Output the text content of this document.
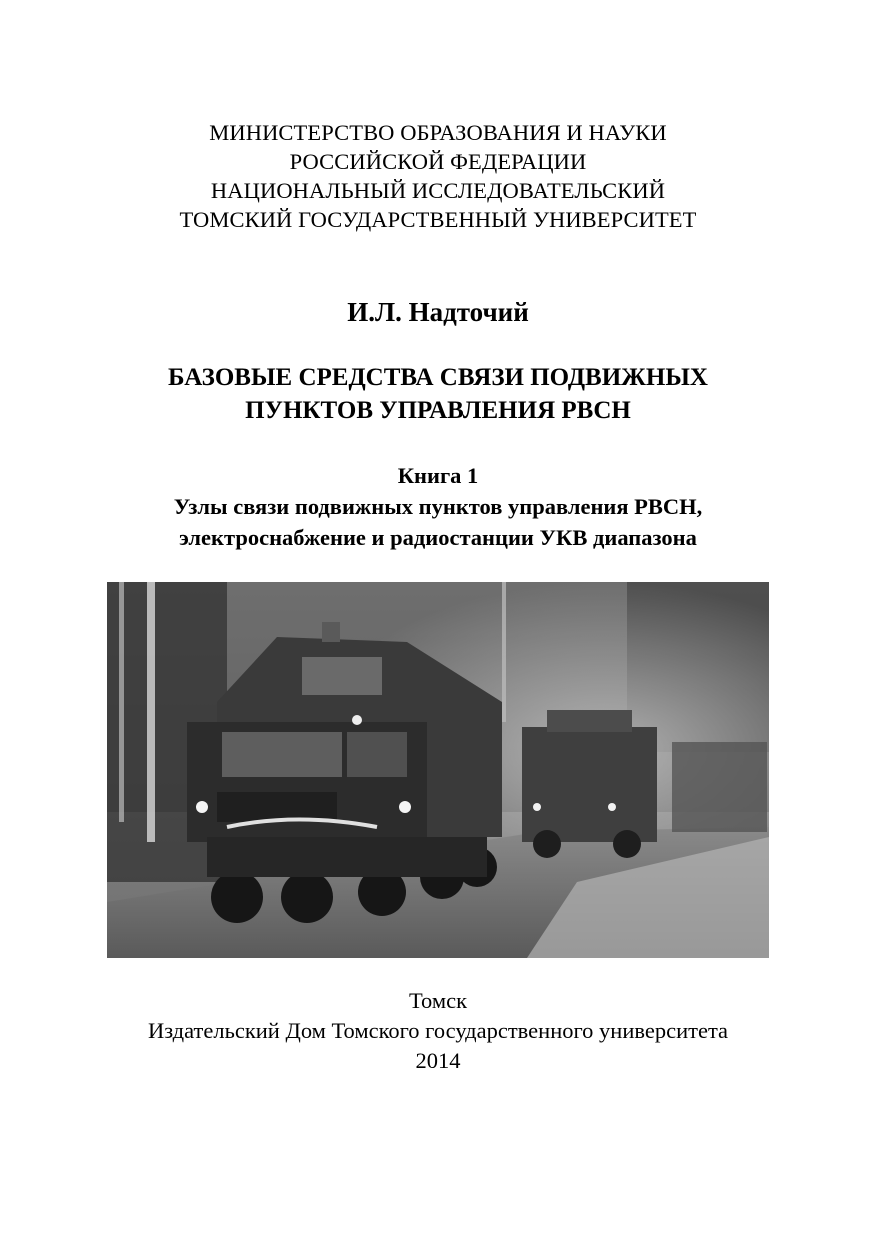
МИНИСТЕРСТВО ОБРАЗОВАНИЯ И НАУКИ
РОССИЙСКОЙ ФЕДЕРАЦИИ
НАЦИОНАЛЬНЫЙ ИССЛЕДОВАТЕЛЬСКИЙ
ТОМСКИЙ ГОСУДАРСТВЕННЫЙ УНИВЕРСИТЕТ
И.Л. Надточий
БАЗОВЫЕ СРЕДСТВА СВЯЗИ ПОДВИЖНЫХ
ПУНКТОВ УПРАВЛЕНИЯ РВСН
Книга 1
Узлы связи подвижных пунктов управления РВСН,
электроснабжение и радиостанции УКВ диапазона
Томск
Издательский Дом Томского государственного университета
2014
